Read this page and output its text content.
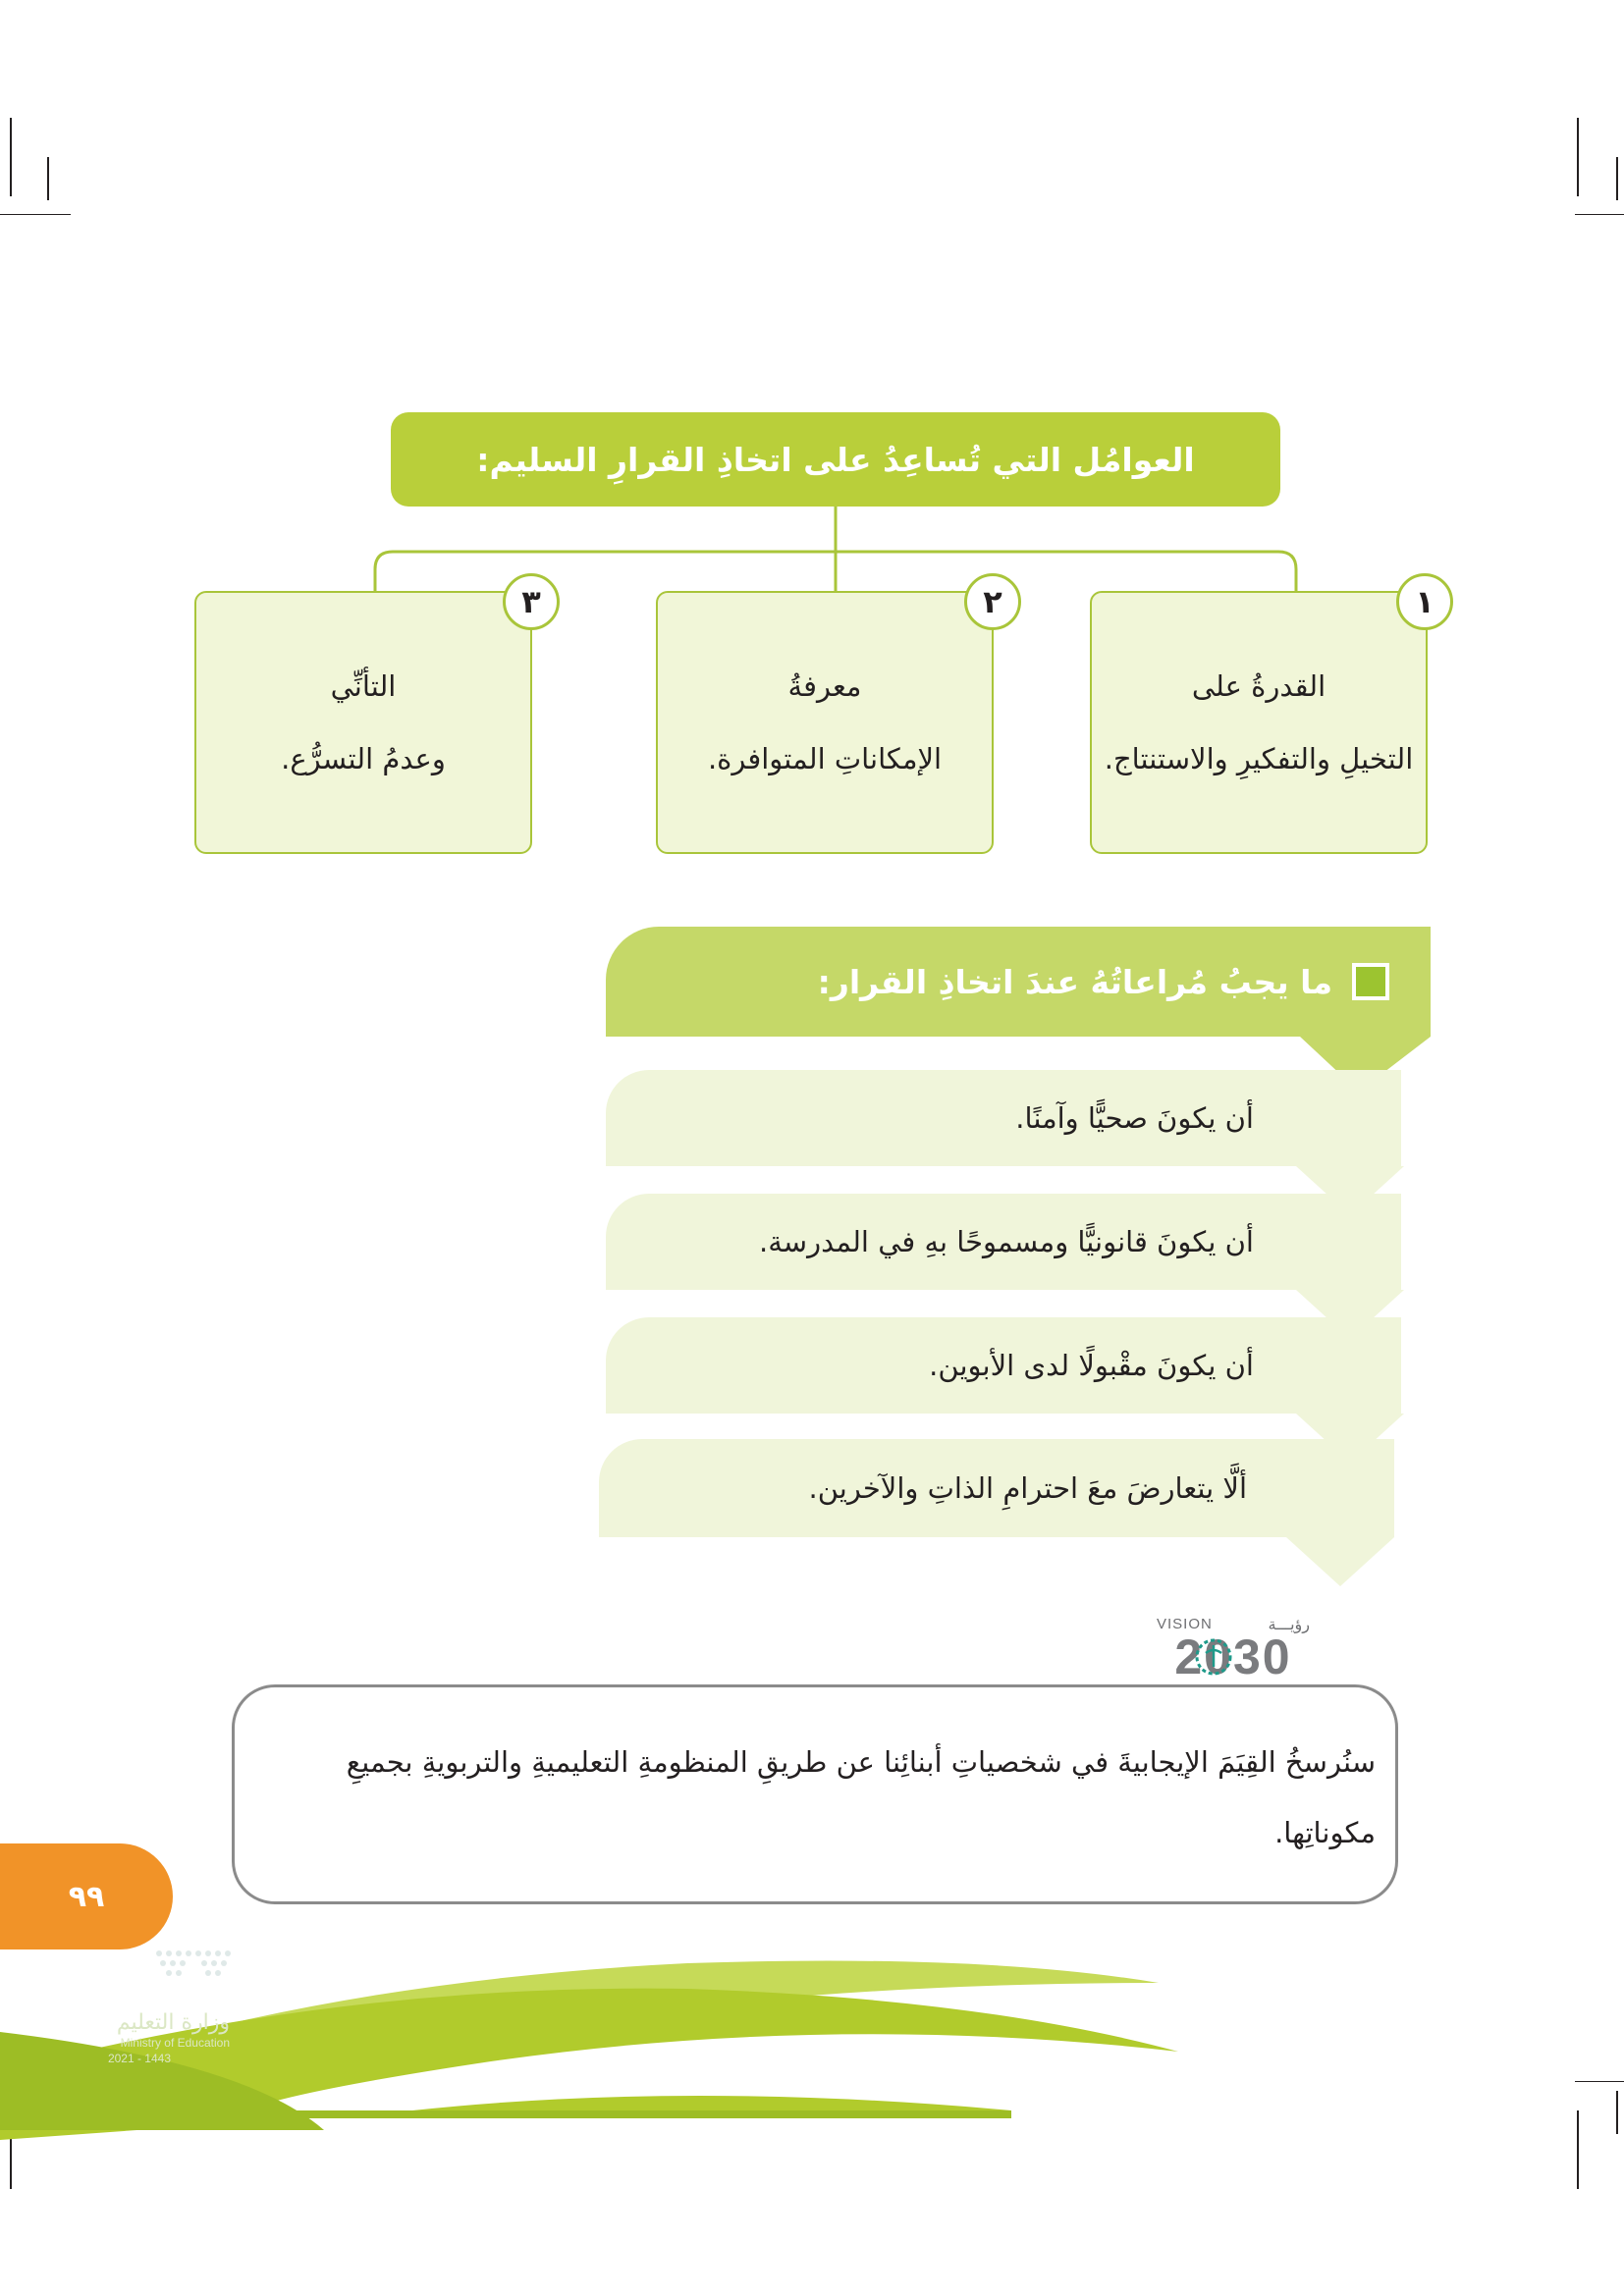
العوامُل التي تُساعِدُ على اتخاذِ القرارِ السليم:
القدرةُ على
التخيلِ والتفكيرِ والاستنتاج.
١
معرفةُ
الإمكاناتِ المتوافرة.
٢
التأنِّي
وعدمُ التسرُّع.
٣
ما يجبُ مُراعاتُهُ عندَ اتخاذِ القرار:
أن يكونَ صحيًّا وآمنًا.
أن يكونَ قانونيًّا ومسموحًا بهِ في المدرسة.
أن يكونَ مقْبولًا لدى الأبوين.
ألَّا يتعارضَ معَ احترامِ الذاتِ والآخرين.
VISION	رؤيـــة
2030
سنُرسخُ القِيَمَ الإيجابيةَ في شخصياتِ أبنائِنا عن طريقِ المنظومةِ التعليميةِ والتربويةِ بجميعِ مكوناتِها.
٩٩
وزارة التعليم
Ministry of Education
2021 - 1443
